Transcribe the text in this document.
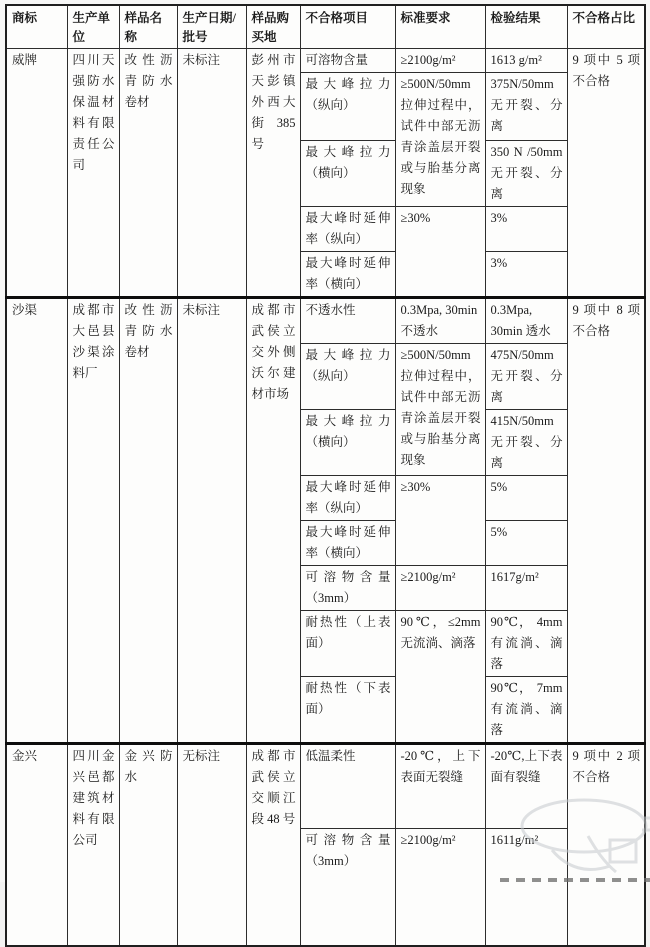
商标	生产单位	样品名称	生产日期/批号	样品购买地	不合格项目	标准要求	检验结果	不合格占比
威牌	四川天强防水保温材料有限责任公司	改性沥青防水卷材	未标注	彭州市天彭镇外西大街 385 号	可溶物含量	≥2100g/m²	1613 g/m²	9 项中 5 项不合格
					最大峰拉力（纵向）	≥500N/50mm 拉伸过程中，试件中部无沥青涂盖层开裂或与胎基分离现象	375N/50mm 无开裂、分离	
					最大峰拉力（横向）		350 N /50mm 无开裂、分离	
					最大峰时延伸率（纵向）	≥30%	3%	
					最大峰时延伸率（横向）		3%	
沙渠	成都市大邑县沙渠涂料厂	改性沥青防水卷材	未标注	成都市武侯立交外侧沃尔建材市场	不透水性	0.3Mpa, 30min 不透水	0.3Mpa, 30min 透水	9 项中 8 项不合格
					最大峰拉力（纵向）	≥500N/50mm 拉伸过程中，试件中部无沥青涂盖层开裂或与胎基分离现象	475N/50mm 无开裂、分离	
					最大峰拉力（横向）		415N/50mm 无开裂、分离	
					最大峰时延伸率（纵向）	≥30%	5%	
					最大峰时延伸率（横向）		5%	
					可溶物含量（3mm）	≥2100g/m²	1617g/m²	
					耐热性（上表面）	90℃，≤2mm 无流淌、滴落	90℃， 4mm 有流淌、滴落	
					耐热性（下表面）		90℃， 7mm 有流淌、滴落	
金兴	四川金兴邑都建筑材料有限公司	金兴防水	无标注	成都市武侯立交顺江段 48 号	低温柔性	-20℃，上下表面无裂缝	-20℃,上下表面有裂缝	9 项中 2 项不合格
					可溶物含量（3mm）	≥2100g/m²	1611g/m²	
